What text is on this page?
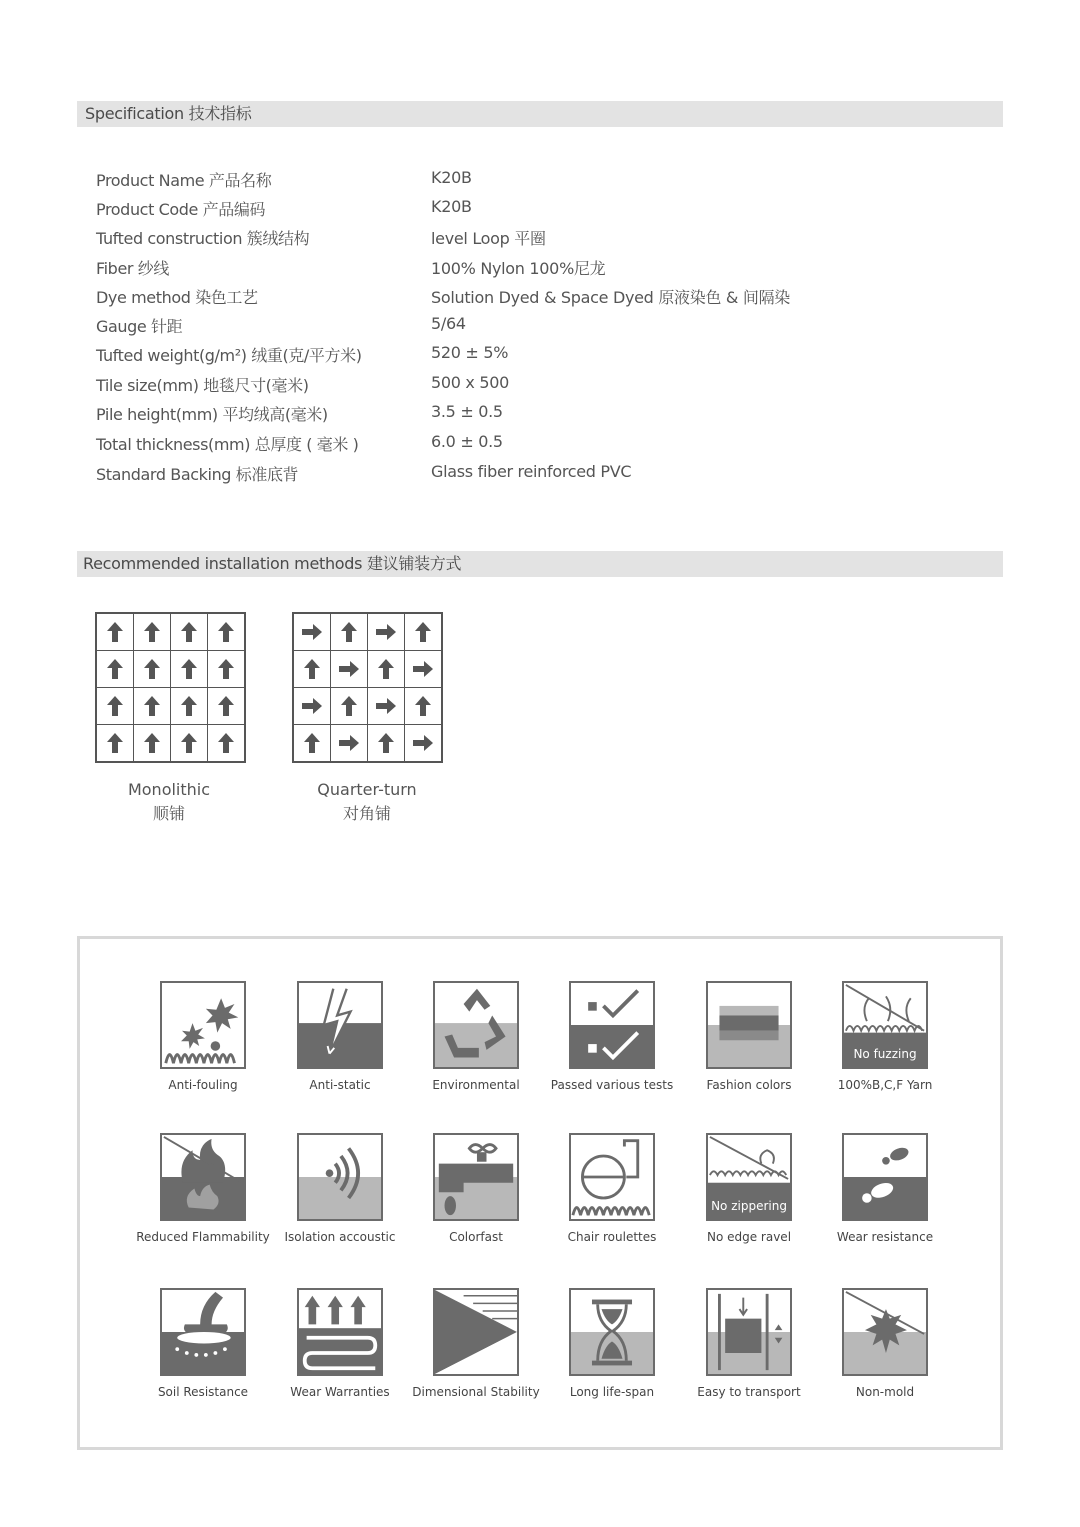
Specification 技术指标
Recommended installation methods 建议铺装方式
Monolithic
顺铺
Quarter-turn
对角铺
Anti-fouling	Anti-static	Environmental	Passed various tests	Fashion colors
No fuzzing
100%B,C,F Yarn
Reduced Flammability	Isolation accoustic	Colorfast	Chair roulettes
No zippering
No edge ravel	Wear resistance
Soil Resistance	Wear Warranties	Dimensional Stability	Long life-span	Easy to transport	Non-mold
Product Name 产品名称	K20B
Product Code 产品编码	K20B
Tufted construction 簇绒结构	level Loop 平圈
Fiber 纱线	100% Nylon 100%尼龙
Dye method 染色工艺	Solution Dyed & Space Dyed 原液染色 & 间隔染
Gauge 针距	5/64
Tufted weight(g/m²) 绒重(克/平方米)	520 ± 5%
Tile size(mm) 地毯尺寸(毫米)	500 x 500
Pile height(mm) 平均绒高(毫米)	3.5 ± 0.5
Total thickness(mm) 总厚度 ( 毫米 )	6.0 ± 0.5
Standard Backing 标准底背	Glass fiber reinforced PVC
